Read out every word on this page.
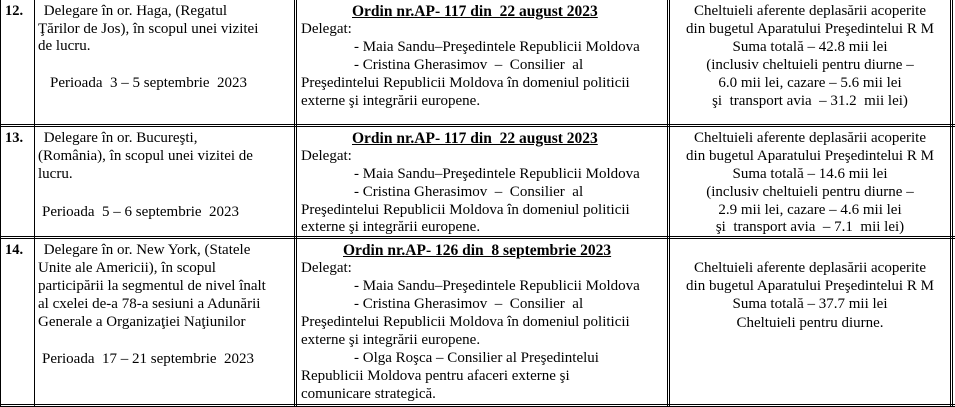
12. Delegare în or. Haga, (Regatul
Ţărilor de Jos), în scopul unei vizitei
de lucru.
Perioada  3 – 5 septembrie  2023
Ordin nr.AP- 117 din  22 august 2023
Delegat:
- Maia Sandu–Preşedintele Republicii Moldova
- Cristina Gherasimov  –  Consilier  al
Preşedintelui Republicii Moldova în domeniul politicii
externe şi integrării europene.
Cheltuieli aferente deplasării acoperite
din bugetul Aparatului Preşedintelui R M
Suma totală – 42.8 mii lei
(inclusiv cheltuieli pentru diurne –
6.0 mii lei, cazare – 5.6 mii lei
şi  transport avia  – 31.2  mii lei)
13. Delegare în or. Bucureşti,
(România), în scopul unei vizitei de
lucru.
Perioada  5 – 6 septembrie  2023
Ordin nr.AP- 117 din  22 august 2023
Delegat:
- Maia Sandu–Preşedintele Republicii Moldova
- Cristina Gherasimov  –  Consilier  al
Preşedintelui Republicii Moldova în domeniul politicii
externe şi integrării europene.
Cheltuieli aferente deplasării acoperite
din bugetul Aparatului Preşedintelui R M
Suma totală – 14.6 mii lei
(inclusiv cheltuieli pentru diurne –
2.9 mii lei, cazare – 4.6 mii lei
şi  transport avia  – 7.1  mii lei)
14. Delegare în or. New York, (Statele
Unite ale Americii), în scopul
participării la segmentul de nivel înalt
al cxelei de-a 78-a sesiuni a Adunării
Generale a Organizaţiei Naţiunilor
Unite
Perioada  17 – 21 septembrie  2023
Ordin nr.AP- 126 din  8 septembrie 2023
Delegat:
- Maia Sandu–Preşedintele Republicii Moldova
- Cristina Gherasimov  –  Consilier  al
Preşedintelui Republicii Moldova în domeniul politicii
externe şi integrării europene.
- Olga Roşca – Consilier al Preşedintelui
Republicii Moldova pentru afaceri externe şi
comunicare strategică.
Cheltuieli aferente deplasării acoperite
din bugetul Aparatului Preşedintelui R M
Suma totală – 37.7 mii lei
Cheltuieli pentru diurne.
